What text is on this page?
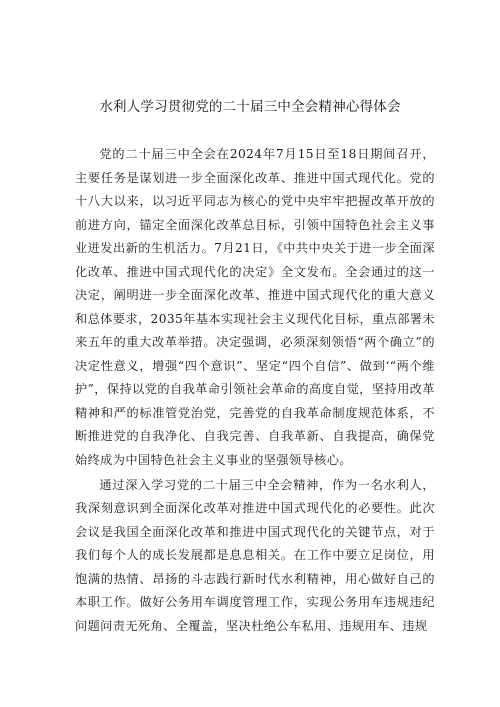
水利人学习贯彻党的二十届三中全会精神心得体会

党的二十届三中全会在2024年7月15日至18日期间召开，主要任务是谋划进一步全面深化改革、推进中国式现代化。党的十八大以来，以习近平同志为核心的党中央牢牢把握改革开放的前进方向，锚定全面深化改革总目标，引领中国特色社会主义事业迸发出新的生机活力。7月21日，《中共中央关于进一步全面深化改革、推进中国式现代化的决定》全文发布。全会通过的这一决定，阐明进一步全面深化改革、推进中国式现代化的重大意义和总体要求，2035年基本实现社会主义现代化目标，重点部署未来五年的重大改革举措。决定强调，必须深刻领悟“两个确立”的决定性意义，增强“四个意识”、坚定“四个自信”、做到‘“两个维护”，保持以党的自我革命引领社会革命的高度自觉，坚持用改革精神和严的标准管党治党，完善党的自我革命制度规范体系，不断推进党的自我净化、自我完善、自我革新、自我提高，确保党始终成为中国特色社会主义事业的坚强领导核心。

通过深入学习党的二十届三中全会精神，作为一名水利人，我深刻意识到全面深化改革对推进中国式现代化的必要性。此次会议是我国全面深化改革和推进中国式现代化的关键节点，对于我们每个人的成长发展都是息息相关。在工作中要立足岗位，用饱满的热情、昂扬的斗志践行新时代水利精神，用心做好自己的本职工作。做好公务用车调度管理工作，实现公务用车违规违纪问题问责无死角、全覆盖，坚决杜绝公车私用、违规用车、违规
